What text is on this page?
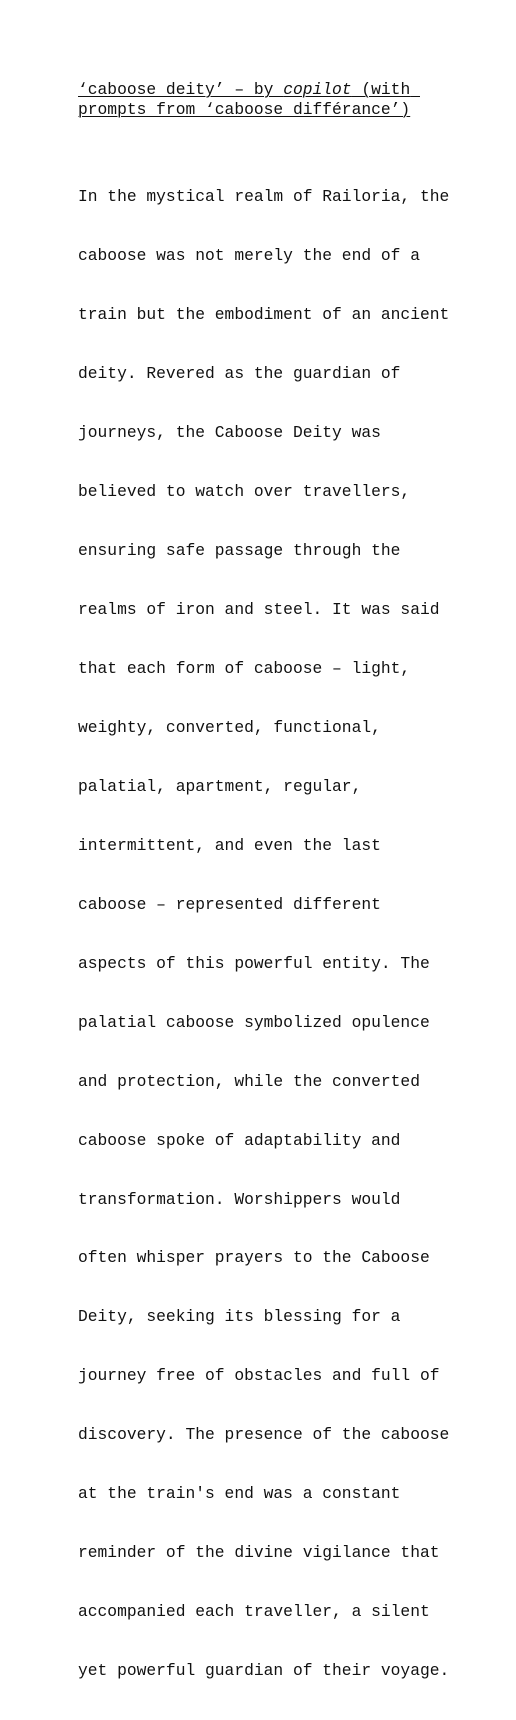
‘caboose deity’ – by copilot (with prompts from ‘caboose différance’)

In the mystical realm of Railoria, the

caboose was not merely the end of a

train but the embodiment of an ancient

deity. Revered as the guardian of

journeys, the Caboose Deity was

believed to watch over travellers,

ensuring safe passage through the

realms of iron and steel. It was said

that each form of caboose – light,

weighty, converted, functional,

palatial, apartment, regular,

intermittent, and even the last

caboose – represented different

aspects of this powerful entity. The

palatial caboose symbolized opulence

and protection, while the converted

caboose spoke of adaptability and

transformation. Worshippers would

often whisper prayers to the Caboose

Deity, seeking its blessing for a

journey free of obstacles and full of

discovery. The presence of the caboose

at the train's end was a constant

reminder of the divine vigilance that

accompanied each traveller, a silent

yet powerful guardian of their voyage.
